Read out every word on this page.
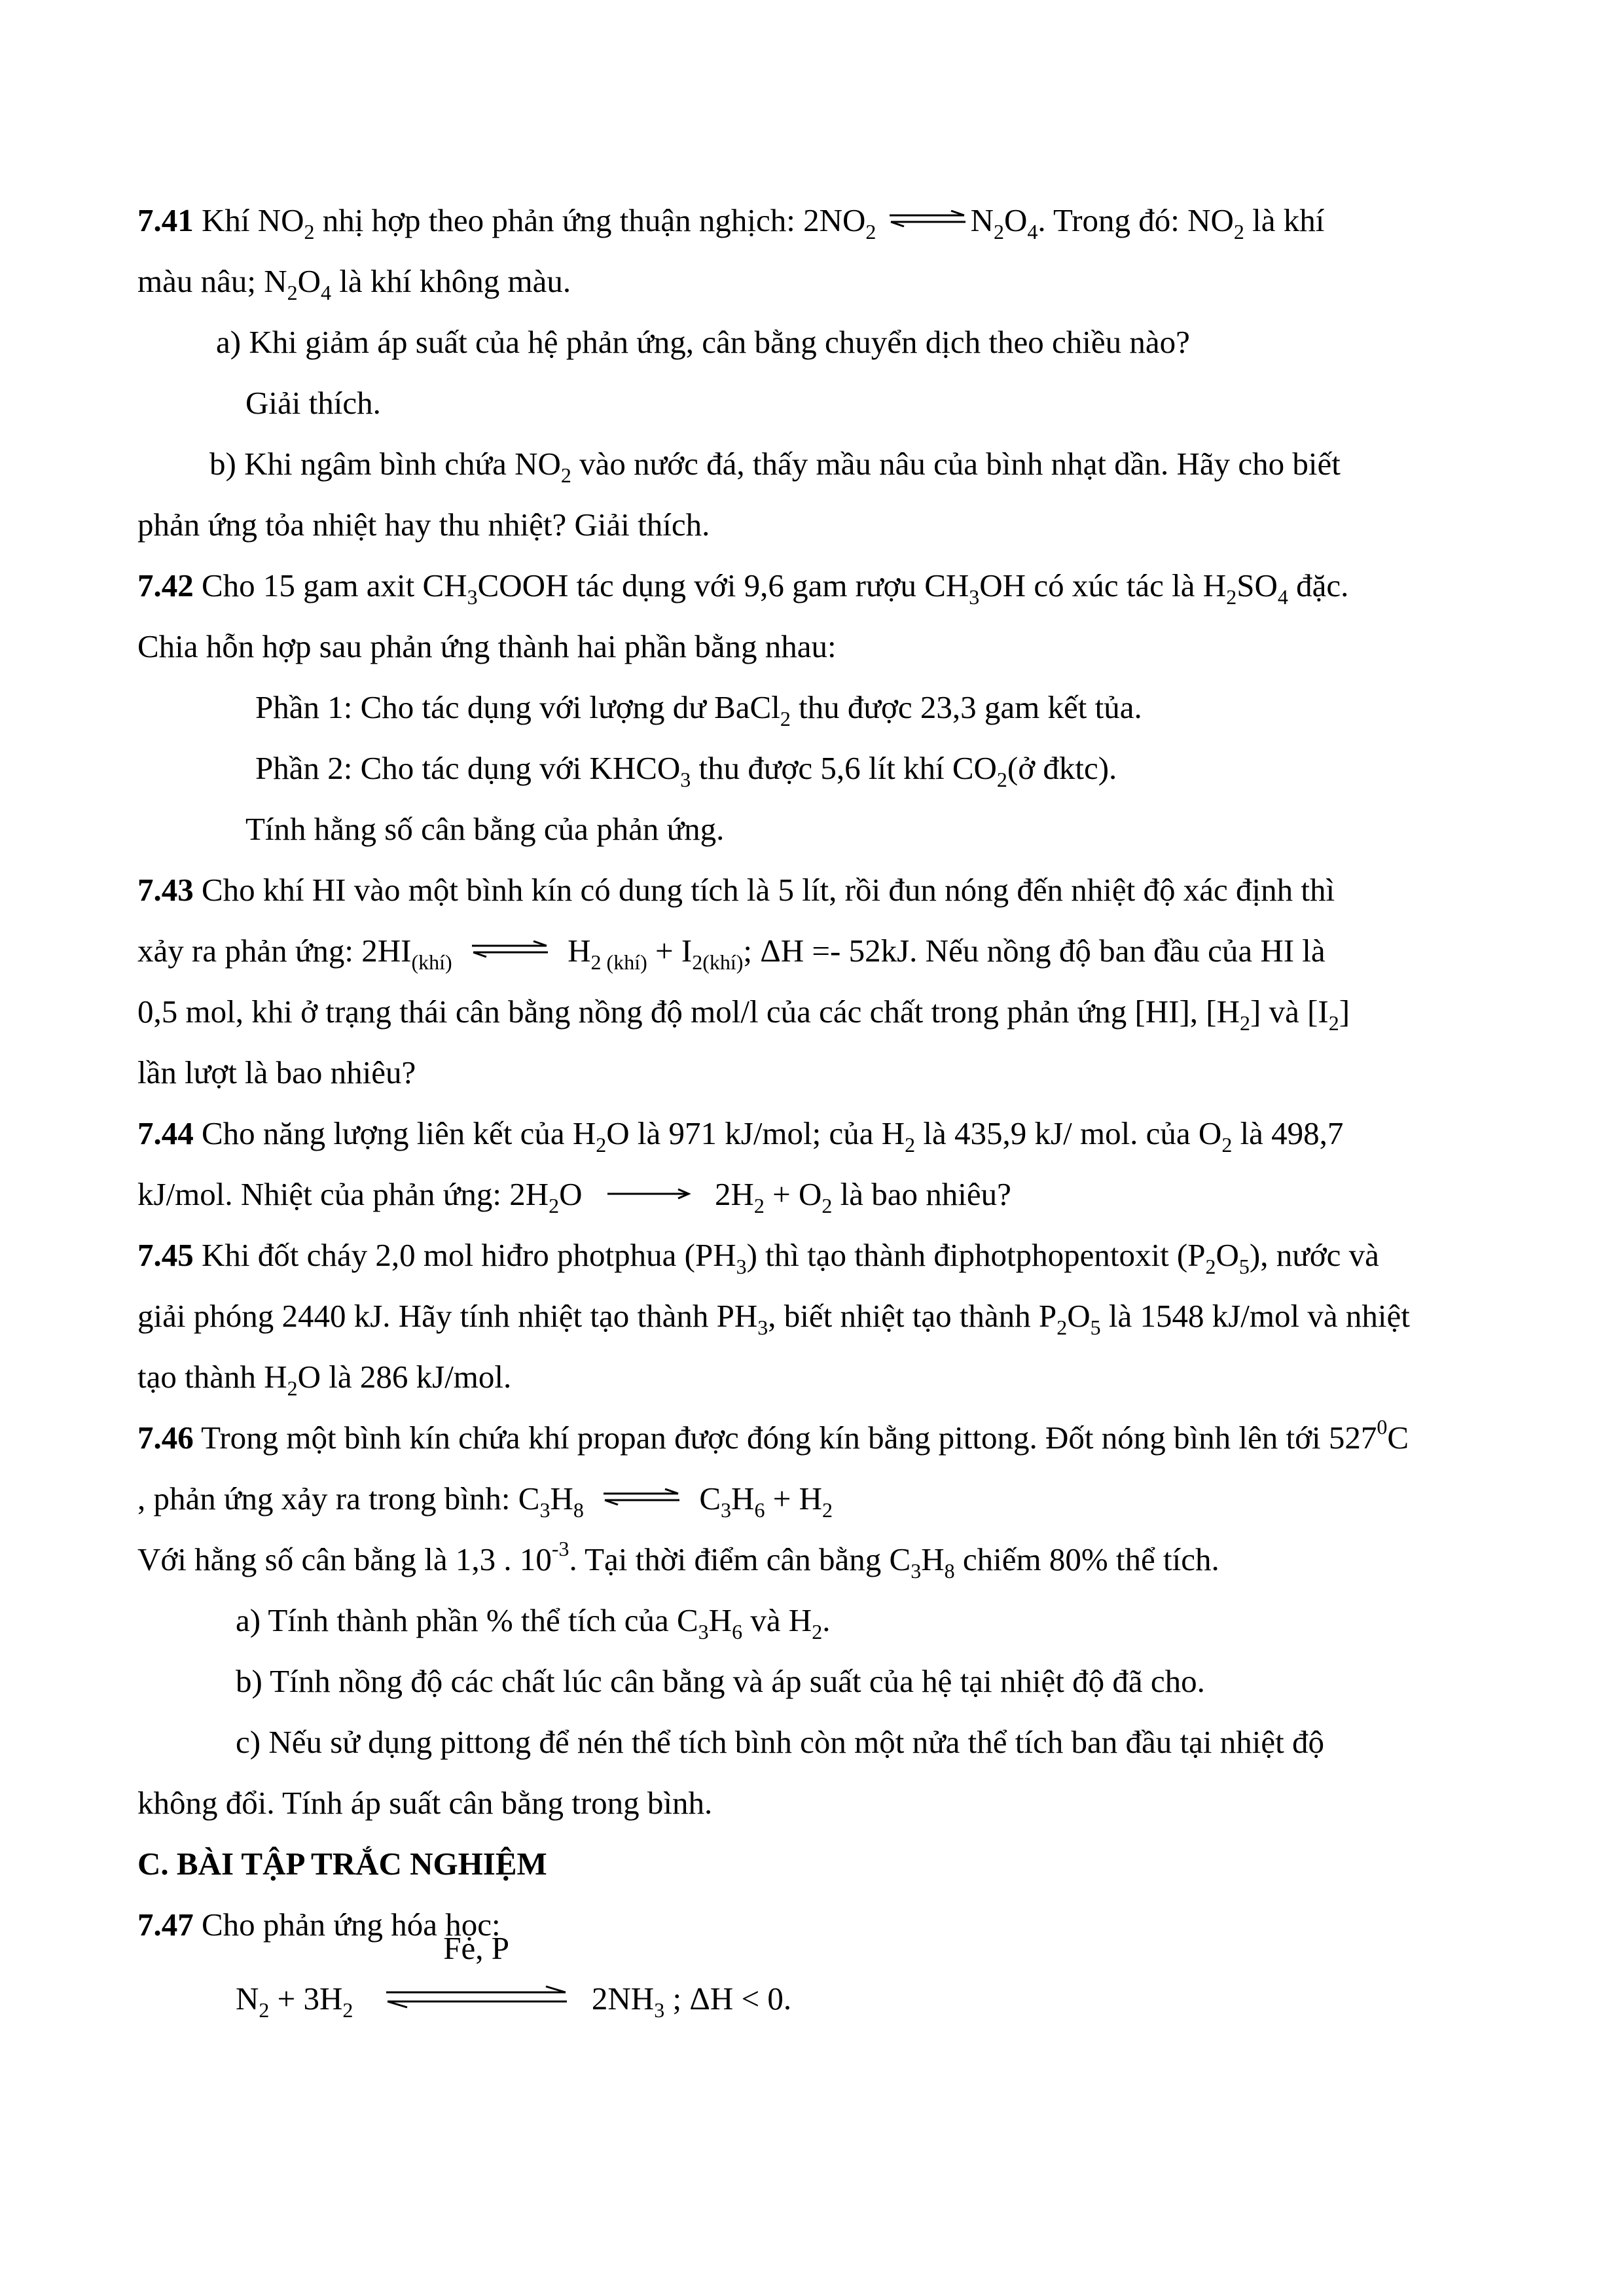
7.41 Khí $NO_2$ nhị hợp theo phản ứng thuận nghịch: $2NO_2$	$N_2O_4$. Trong đó: $NO_2$ là khí

màu nâu; $N_2O_4$ là khí không màu.

a) Khi giảm áp suất của hệ phản ứng, cân bằng chuyển dịch theo chiều nào?

Giải thích.

b) Khi ngâm bình chứa $NO_2$ vào nước đá, thấy mầu nâu của bình nhạt dần. Hãy cho biết

phản ứng tỏa nhiệt hay thu nhiệt? Giải thích.

7.42 Cho 15 gam axit $CH_3COOH$ tác dụng với 9,6 gam rượu $CH_3OH$ có xúc tác là $H_2SO_4$ đặc.

Chia hỗn hợp sau phản ứng thành hai phần bằng nhau:

Phần 1: Cho tác dụng với lượng dư BaCl$_2$ thu được 23,3 gam kết tủa.

Phần 2: Cho tác dụng với $KHCO_3$ thu được 5,6 lít khí $CO_2(ở$ đktc).

Tính hằng số cân bằng của phản ứng.

7.43 Cho khí HI vào một bình kín có dung tích là 5 lít, rồi đun nóng đến nhiệt độ xác định thì

xảy ra phản ứng: $2HI_{(khí)}$	$H_{2 (khí)} + I_{2(khí)}$; ΔH =- 52kJ. Nếu nồng độ ban đầu của HI là

0,5 mol, khi ở trạng thái cân bằng nồng độ mol/l của các chất trong phản ứng [HI], $[H_2]$ và $[I_2]$

lần lượt là bao nhiêu?

7.44 Cho năng lượng liên kết của $H_2O$ là 971 kJ/mol; của $H_2$ là 435,9 kJ/ mol. của $O_2$ là 498,7

kJ/mol. Nhiệt của phản ứng: $2H_2O \to 2H_2 + O_2$ là bao nhiêu?

7.45 Khi đốt cháy 2,0 mol hiđro photphua $(PH_3)$ thì tạo thành điphotphopentoxit $(P_2O_5)$, nước và

giải phóng 2440 kJ. Hãy tính nhiệt tạo thành $PH_3$, biết nhiệt tạo thành $P_2O_5$ là 1548 kJ/mol và nhiệt

tạo thành $H_2O$ là 286 kJ/mol.

7.46 Trong một bình kín chứa khí propan được đóng kín bằng pittong. Đốt nóng bình lên tới $527^0C$

, phản ứng xảy ra trong bình: $C_3H_8$	$C_3H_6 + H_2$

Với hằng số cân bằng là 1,3 . $10^{-3}$. Tại thời điểm cân bằng $C_3H_8$ chiếm 80% thể tích.

a) Tính thành phần % thể tích của $C_3H_6$ và $H_2$.

b) Tính nồng độ các chất lúc cân bằng và áp suất của hệ tại nhiệt độ đã cho.

c) Nếu sử dụng pittong để nén thể tích bình còn một nửa thể tích ban đầu tại nhiệt độ

không đổi. Tính áp suất cân bằng trong bình.

C. BÀI TẬP TRẮC NGHIỆM

7.47 Cho phản ứng hóa học:

$N_2 + 3H_2$
Fe, P
$2NH_3$ ; ΔH < 0.
